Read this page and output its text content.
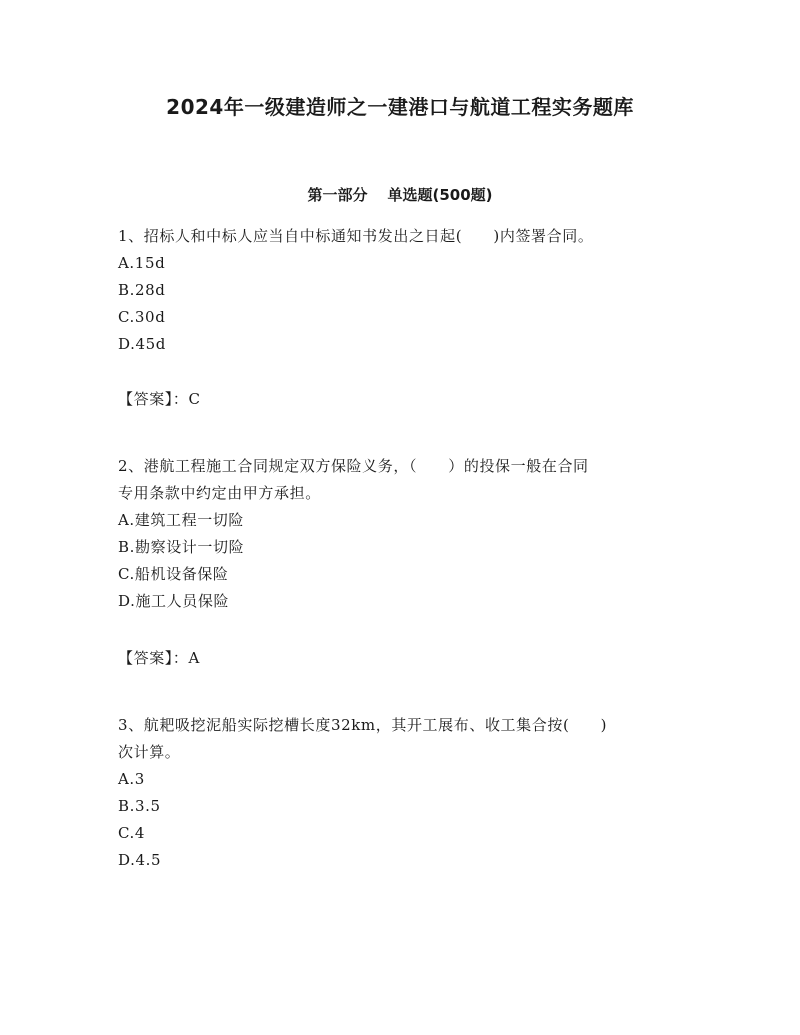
2024年一级建造师之一建港口与航道工程实务题库
第一部分 单选题(500题)
1、招标人和中标人应当自中标通知书发出之日起(　　)内签署合同。
A.15d
B.28d
C.30d
D.45d
【答案】：C
2、港航工程施工合同规定双方保险义务，（　　）的投保一般在合同
专用条款中约定由甲方承担。
A.建筑工程一切险
B.勘察设计一切险
C.船机设备保险
D.施工人员保险
【答案】：A
3、航耙吸挖泥船实际挖槽长度32km，其开工展布、收工集合按(　　)
次计算。
A.3
B.3.5
C.4
D.4.5
